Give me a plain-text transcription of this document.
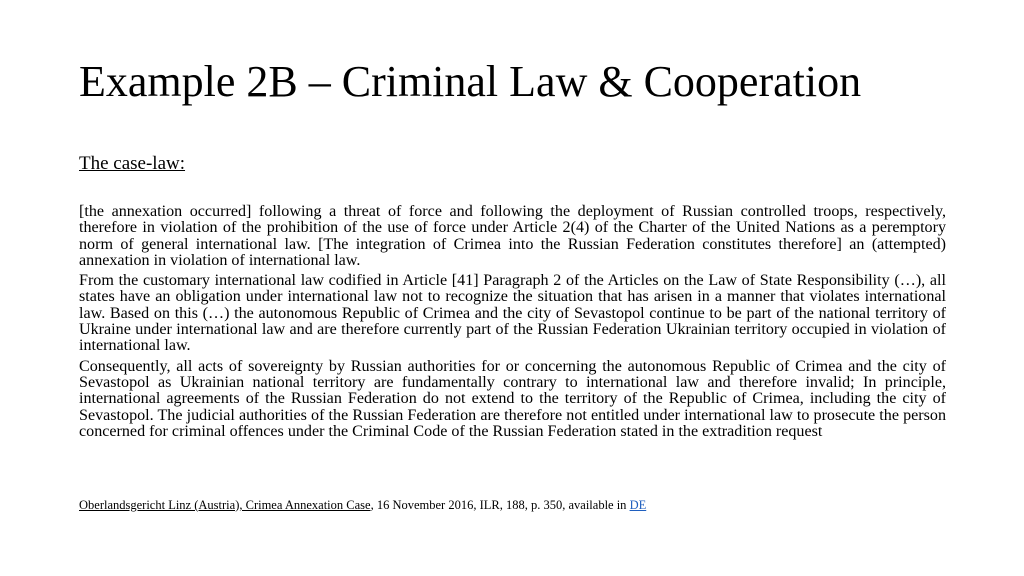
Example 2B – Criminal Law & Cooperation
The case-law:

[the annexation occurred] following a threat of force and following the deployment of Russian controlled troops, respectively, therefore in violation of the prohibition of the use of force under Article 2(4) of the Charter of the United Nations as a peremptory norm of general international law. [The integration of Crimea into the Russian Federation constitutes therefore] an (attempted) annexation in violation of international law.

From the customary international law codified in Article [41] Paragraph 2 of the Articles on the Law of State Responsibility (…), all states have an obligation under international law not to recognize the situation that has arisen in a manner that violates international law. Based on this (…) the autonomous Republic of Crimea and the city of Sevastopol continue to be part of the national territory of Ukraine under international law and are therefore currently part of the Russian Federation Ukrainian territory occupied in violation of international law.

Consequently, all acts of sovereignty by Russian authorities for or concerning the autonomous Republic of Crimea and the city of Sevastopol as Ukrainian national territory are fundamentally contrary to international law and therefore invalid; In principle, international agreements of the Russian Federation do not extend to the territory of the Republic of Crimea, including the city of Sevastopol. The judicial authorities of the Russian Federation are therefore not entitled under international law to prosecute the person concerned for criminal offences under the Criminal Code of the Russian Federation stated in the extradition request

Oberlandsgericht Linz (Austria), Crimea Annexation Case, 16 November 2016, ILR, 188, p. 350, available in DE
